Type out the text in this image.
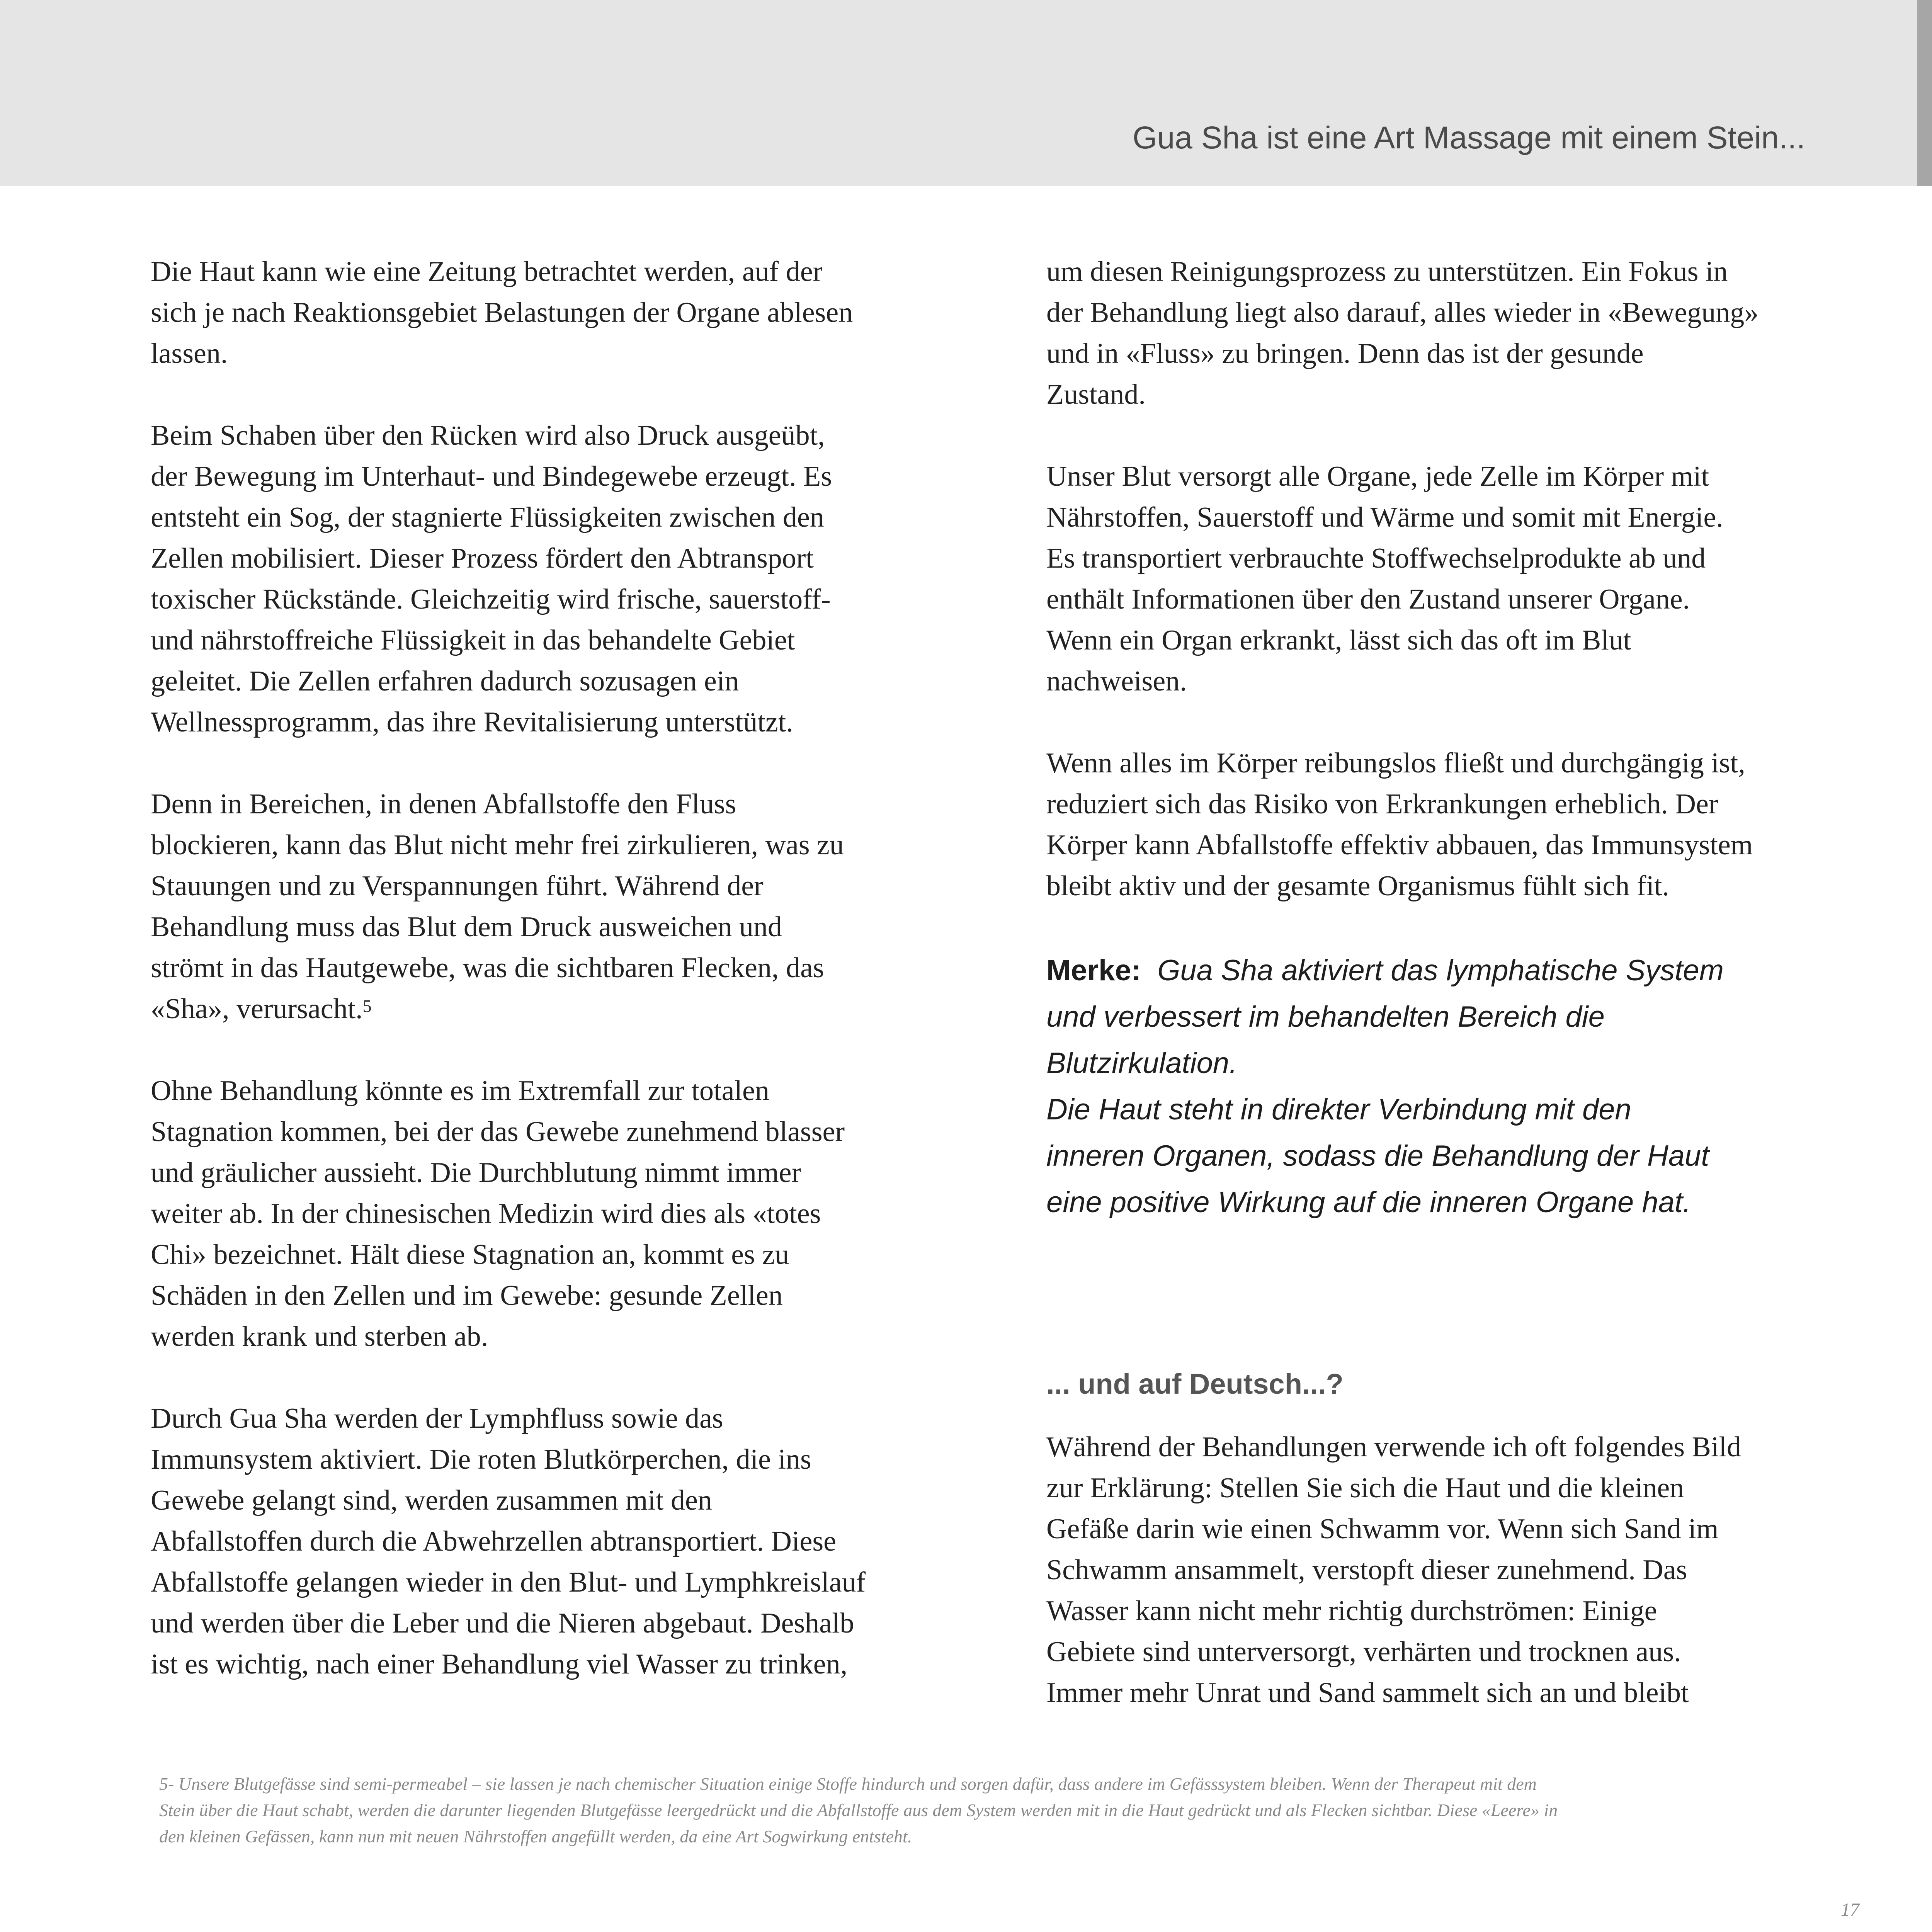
Gua Sha ist eine Art Massage mit einem Stein...

Die Haut kann wie eine Zeitung betrachtet werden, auf der
sich je nach Reaktionsgebiet Belastungen der Organe ablesen
lassen.

Beim Schaben über den Rücken wird also Druck ausgeübt,
der Bewegung im Unterhaut- und Bindegewebe erzeugt. Es
entsteht ein Sog, der stagnierte Flüssigkeiten zwischen den
Zellen mobilisiert. Dieser Prozess fördert den Abtransport
toxischer Rückstände. Gleichzeitig wird frische, sauerstoff-
und nährstoffreiche Flüssigkeit in das behandelte Gebiet
geleitet. Die Zellen erfahren dadurch sozusagen ein
Wellnessprogramm, das ihre Revitalisierung unterstützt.

Denn in Bereichen, in denen Abfallstoffe den Fluss
blockieren, kann das Blut nicht mehr frei zirkulieren, was zu
Stauungen und zu Verspannungen führt. Während der
Behandlung muss das Blut dem Druck ausweichen und
strömt in das Hautgewebe, was die sichtbaren Flecken, das
«Sha», verursacht.$^5$

Ohne Behandlung könnte es im Extremfall zur totalen
Stagnation kommen, bei der das Gewebe zunehmend blasser
und gräulicher aussieht. Die Durchblutung nimmt immer
weiter ab. In der chinesischen Medizin wird dies als «totes
Chi» bezeichnet. Hält diese Stagnation an, kommt es zu
Schäden in den Zellen und im Gewebe: gesunde Zellen
werden krank und sterben ab.

Durch Gua Sha werden der Lymphfluss sowie das
Immunsystem aktiviert. Die roten Blutkörperchen, die ins
Gewebe gelangt sind, werden zusammen mit den
Abfallstoffen durch die Abwehrzellen abtransportiert. Diese
Abfallstoffe gelangen wieder in den Blut- und Lymphkreislauf
und werden über die Leber und die Nieren abgebaut. Deshalb
ist es wichtig, nach einer Behandlung viel Wasser zu trinken,

um diesen Reinigungsprozess zu unterstützen. Ein Fokus in
der Behandlung liegt also darauf, alles wieder in «Bewegung»
und in «Fluss» zu bringen. Denn das ist der gesunde
Zustand.

Unser Blut versorgt alle Organe, jede Zelle im Körper mit
Nährstoffen, Sauerstoff und Wärme und somit mit Energie.
Es transportiert verbrauchte Stoffwechselprodukte ab und
enthält Informationen über den Zustand unserer Organe.
Wenn ein Organ erkrankt, lässt sich das oft im Blut
nachweisen.

Wenn alles im Körper reibungslos fließt und durchgängig ist,
reduziert sich das Risiko von Erkrankungen erheblich. Der
Körper kann Abfallstoffe effektiv abbauen, das Immunsystem
bleibt aktiv und der gesamte Organismus fühlt sich fit.

Merke: Gua Sha aktiviert das lymphatische System
und verbessert im behandelten Bereich die
Blutzirkulation.
Die Haut steht in direkter Verbindung mit den
inneren Organen, sodass die Behandlung der Haut
eine positive Wirkung auf die inneren Organe hat.
... und auf Deutsch...?

Während der Behandlungen verwende ich oft folgendes Bild
zur Erklärung: Stellen Sie sich die Haut und die kleinen
Gefäße darin wie einen Schwamm vor. Wenn sich Sand im
Schwamm ansammelt, verstopft dieser zunehmend. Das
Wasser kann nicht mehr richtig durchströmen: Einige
Gebiete sind unterversorgt, verhärten und trocknen aus.
Immer mehr Unrat und Sand sammelt sich an und bleibt

5- Unsere Blutgefässe sind semi-permeabel – sie lassen je nach chemischer Situation einige Stoffe hindurch und sorgen dafür, dass andere im Gefässsystem bleiben. Wenn der Therapeut mit dem
Stein über die Haut schabt, werden die darunter liegenden Blutgefässe leergedrückt und die Abfallstoffe aus dem System werden mit in die Haut gedrückt und als Flecken sichtbar. Diese «Leere» in
den kleinen Gefässen, kann nun mit neuen Nährstoffen angefüllt werden, da eine Art Sogwirkung entsteht.
17
